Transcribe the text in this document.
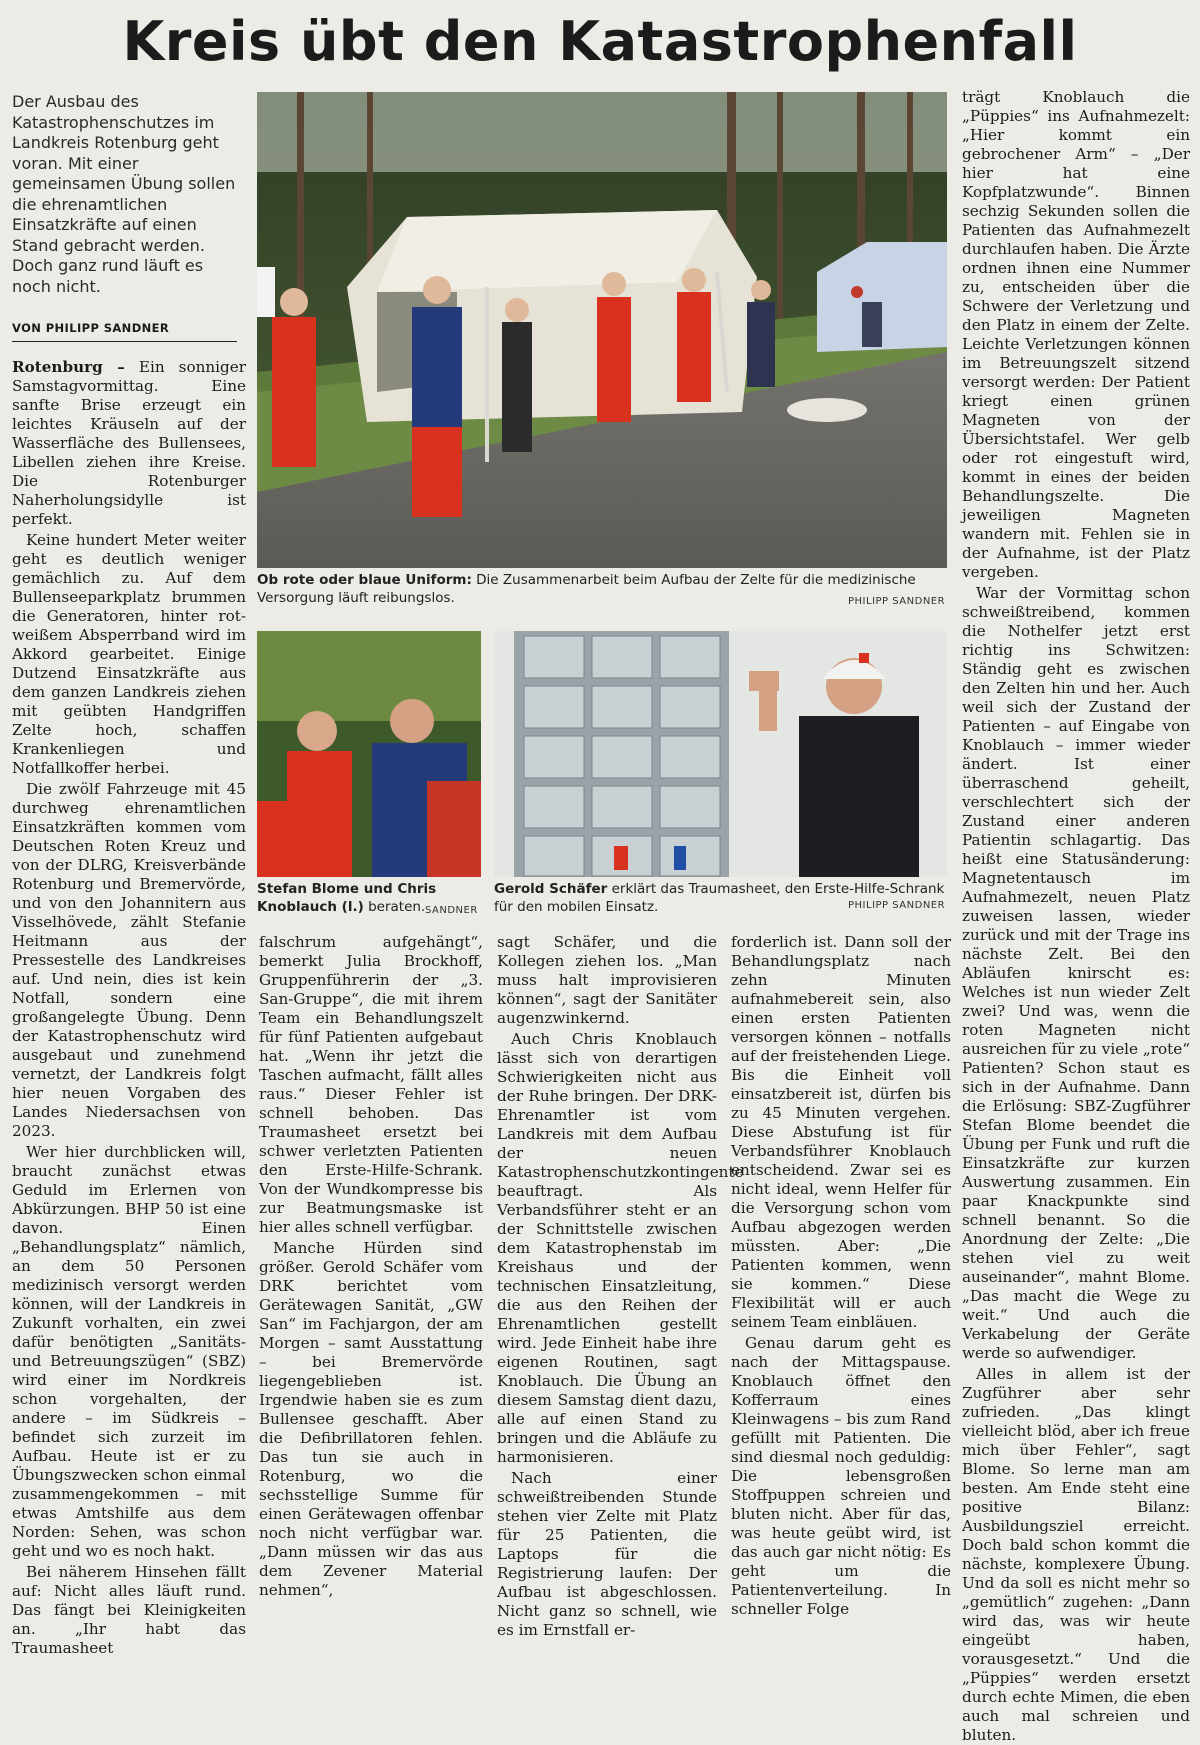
ﾠ	Kreis übt den Katastrophenfall
Der Ausbau des Katastrophenschutzes im Landkreis Rotenburg geht voran. Mit einer gemeinsamen Übung sollen die ehrenamtlichen Einsatzkräfte auf einen Stand gebracht werden. Doch ganz rund läuft es noch nicht.
VON PHILIPP SANDNER

Rotenburg – Ein sonniger Samstagvormittag. Eine sanfte Brise erzeugt ein leichtes Kräuseln auf der Wasserfläche des Bullensees, Libellen ziehen ihre Kreise. Die Rotenburger Naherholungsidylle ist perfekt.

Keine hundert Meter weiter geht es deutlich weniger gemächlich zu. Auf dem Bullenseeparkplatz brummen die Generatoren, hinter rot-weißem Absperrband wird im Akkord gearbeitet. Einige Dutzend Einsatzkräfte aus dem ganzen Landkreis ziehen mit geübten Handgriffen Zelte hoch, schaffen Krankenliegen und Notfallkoffer herbei.

Die zwölf Fahrzeuge mit 45 durchweg ehrenamtlichen Einsatzkräften kommen vom Deutschen Roten Kreuz und von der DLRG, Kreisverbände Rotenburg und Bremervörde, und von den Johannitern aus Visselhövede, zählt Stefanie Heitmann aus der Pressestelle des Landkreises auf. Und nein, dies ist kein Notfall, sondern eine großangelegte Übung. Denn der Katastrophenschutz wird ausgebaut und zunehmend vernetzt, der Landkreis folgt hier neuen Vorgaben des Landes Niedersachsen von 2023.

Wer hier durchblicken will, braucht zunächst etwas Geduld im Erlernen von Abkürzungen. BHP 50 ist eine davon. Einen „Behandlungsplatz“ nämlich, an dem 50 Personen medizinisch versorgt werden können, will der Landkreis in Zukunft vorhalten, ein zwei dafür benötigten „Sanitäts- und Betreuungszügen“ (SBZ) wird einer im Nordkreis schon vorgehalten, der andere – im Südkreis – befindet sich zurzeit im Aufbau. Heute ist er zu Übungszwecken schon einmal zusammengekommen – mit etwas Amtshilfe aus dem Norden: Sehen, was schon geht und wo es noch hakt.

Bei näherem Hinsehen fällt auf: Nicht alles läuft rund. Das fängt bei Kleinigkeiten an. „Ihr habt das Traumasheet

Ob rote oder blaue Uniform: Die Zusammenarbeit beim Aufbau der Zelte für die medizinische Versorgung läuft reibungslos.	PHILIPP SANDNER
Stefan Blome und Chris Knoblauch (l.) beraten. SANDNER
Gerold Schäfer erklärt das Traumasheet, den Erste-Hilfe-Schrank für den mobilen Einsatz.	PHILIPP SANDNER

falschrum aufgehängt“, bemerkt Julia Brockhoff, Gruppenführerin der „3. San-Gruppe“, die mit ihrem Team ein Behandlungszelt für fünf Patienten aufgebaut hat. „Wenn ihr jetzt die Taschen aufmacht, fällt alles raus.“ Dieser Fehler ist schnell behoben. Das Traumasheet ersetzt bei schwer verletzten Patienten den Erste-Hilfe-Schrank. Von der Wundkompresse bis zur Beatmungsmaske ist hier alles schnell verfügbar.

Manche Hürden sind größer. Gerold Schäfer vom DRK berichtet vom Gerätewagen Sanität, „GW San“ im Fachjargon, der am Morgen – samt Ausstattung – bei Bremervörde liegengeblieben ist. Irgendwie haben sie es zum Bullensee geschafft. Aber die Defibrillatoren fehlen. Das tun sie auch in Rotenburg, wo die sechsstellige Summe für einen Gerätewagen offenbar noch nicht verfügbar war. „Dann müssen wir das aus dem Zevener Material nehmen“,

sagt Schäfer, und die Kollegen ziehen los. „Man muss halt improvisieren können“, sagt der Sanitäter augenzwinkernd.

Auch Chris Knoblauch lässt sich von derartigen Schwierigkeiten nicht aus der Ruhe bringen. Der DRK-Ehrenamtler ist vom Landkreis mit dem Aufbau der neuen Katastrophenschutzkontingente beauftragt. Als Verbandsführer steht er an der Schnittstelle zwischen dem Katastrophenstab im Kreishaus und der technischen Einsatzleitung, die aus den Reihen der Ehrenamtlichen gestellt wird. Jede Einheit habe ihre eigenen Routinen, sagt Knoblauch. Die Übung an diesem Samstag dient dazu, alle auf einen Stand zu bringen und die Abläufe zu harmonisieren.

Nach einer schweißtreibenden Stunde stehen vier Zelte mit Platz für 25 Patienten, die Laptops für die Registrierung laufen: Der Aufbau ist abgeschlossen. Nicht ganz so schnell, wie es im Ernstfall er-

forderlich ist. Dann soll der Behandlungsplatz nach zehn Minuten aufnahmebereit sein, also einen ersten Patienten versorgen können – notfalls auf der freistehenden Liege. Bis die Einheit voll einsatzbereit ist, dürfen bis zu 45 Minuten vergehen. Diese Abstufung ist für Verbandsführer Knoblauch entscheidend. Zwar sei es nicht ideal, wenn Helfer für die Versorgung schon vom Aufbau abgezogen werden müssten. Aber: „Die Patienten kommen, wenn sie kommen.“ Diese Flexibilität will er auch seinem Team einbläuen.

Genau darum geht es nach der Mittagspause. Knoblauch öffnet den Kofferraum eines Kleinwagens – bis zum Rand gefüllt mit Patienten. Die sind diesmal noch geduldig: Die lebensgroßen Stoffpuppen schreien und bluten nicht. Aber für das, was heute geübt wird, ist das auch gar nicht nötig: Es geht um die Patientenverteilung. In schneller Folge

trägt Knoblauch die „Püppies“ ins Aufnahmezelt: „Hier kommt ein gebrochener Arm“ – „Der hier hat eine Kopfplatzwunde“. Binnen sechzig Sekunden sollen die Patienten das Aufnahmezelt durchlaufen haben. Die Ärzte ordnen ihnen eine Nummer zu, entscheiden über die Schwere der Verletzung und den Platz in einem der Zelte. Leichte Verletzungen können im Betreuungszelt sitzend versorgt werden: Der Patient kriegt einen grünen Magneten von der Übersichtstafel. Wer gelb oder rot eingestuft wird, kommt in eines der beiden Behandlungszelte. Die jeweiligen Magneten wandern mit. Fehlen sie in der Aufnahme, ist der Platz vergeben.

War der Vormittag schon schweißtreibend, kommen die Nothelfer jetzt erst richtig ins Schwitzen: Ständig geht es zwischen den Zelten hin und her. Auch weil sich der Zustand der Patienten – auf Eingabe von Knoblauch – immer wieder ändert. Ist einer überraschend geheilt, verschlechtert sich der Zustand einer anderen Patientin schlagartig. Das heißt eine Statusänderung: Magnetentausch im Aufnahmezelt, neuen Platz zuweisen lassen, wieder zurück und mit der Trage ins nächste Zelt. Bei den Abläufen knirscht es: Welches ist nun wieder Zelt zwei? Und was, wenn die roten Magneten nicht ausreichen für zu viele „rote“ Patienten? Schon staut es sich in der Aufnahme. Dann die Erlösung: SBZ-Zugführer Stefan Blome beendet die Übung per Funk und ruft die Einsatzkräfte zur kurzen Auswertung zusammen. Ein paar Knackpunkte sind schnell benannt. So die Anordnung der Zelte: „Die stehen viel zu weit auseinander“, mahnt Blome. „Das macht die Wege zu weit.“ Und auch die Verkabelung der Geräte werde so aufwendiger.

Alles in allem ist der Zugführer aber sehr zufrieden. „Das klingt vielleicht blöd, aber ich freue mich über Fehler“, sagt Blome. So lerne man am besten. Am Ende steht eine positive Bilanz: Ausbildungsziel erreicht. Doch bald schon kommt die nächste, komplexere Übung. Und da soll es nicht mehr so „gemütlich“ zugehen: „Dann wird das, was wir heute eingeübt haben, vorausgesetzt.“ Und die „Püppies“ werden ersetzt durch echte Mimen, die eben auch mal schreien und bluten.
